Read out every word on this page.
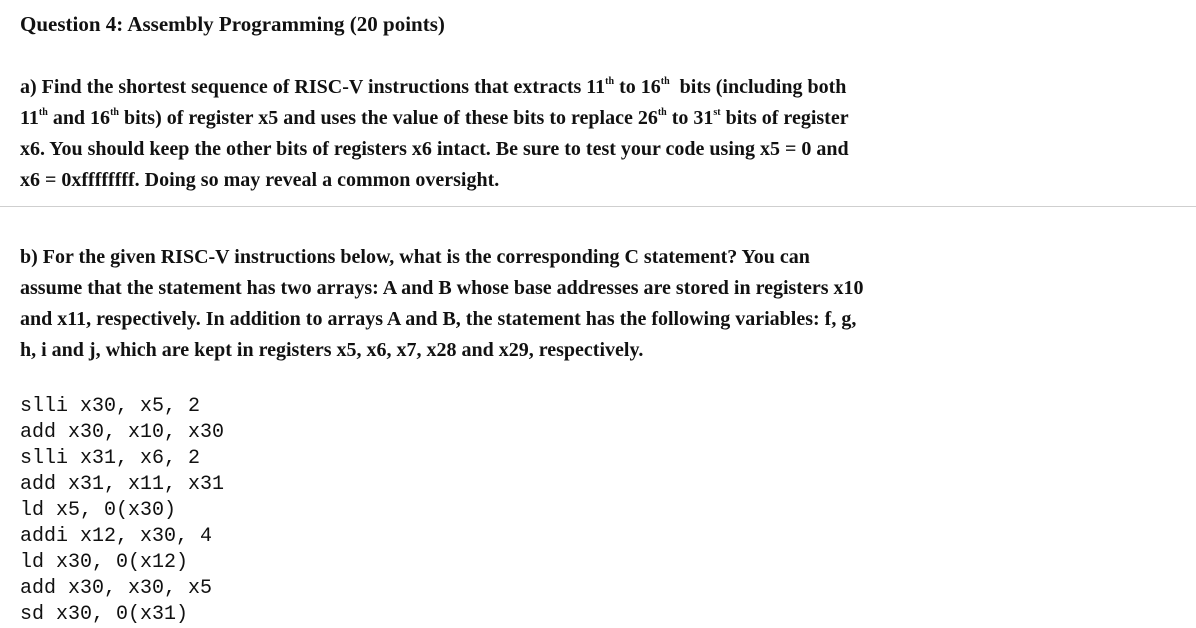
Question 4: Assembly Programming (20 points)
a) Find the shortest sequence of RISC-V instructions that extracts 11th to 16th  bits (including both
11th and 16th bits) of register x5 and uses the value of these bits to replace 26th to 31st bits of register
x6. You should keep the other bits of registers x6 intact. Be sure to test your code using x5 = 0 and
x6 = 0xffffffff. Doing so may reveal a common oversight.
b) For the given RISC-V instructions below, what is the corresponding C statement? You can
assume that the statement has two arrays: A and B whose base addresses are stored in registers x10
and x11, respectively. In addition to arrays A and B, the statement has the following variables: f, g,
h, i and j, which are kept in registers x5, x6, x7, x28 and x29, respectively.
slli x30, x5, 2
add x30, x10, x30
slli x31, x6, 2
add x31, x11, x31
ld x5, 0(x30)
addi x12, x30, 4
ld x30, 0(x12)
add x30, x30, x5
sd x30, 0(x31)
